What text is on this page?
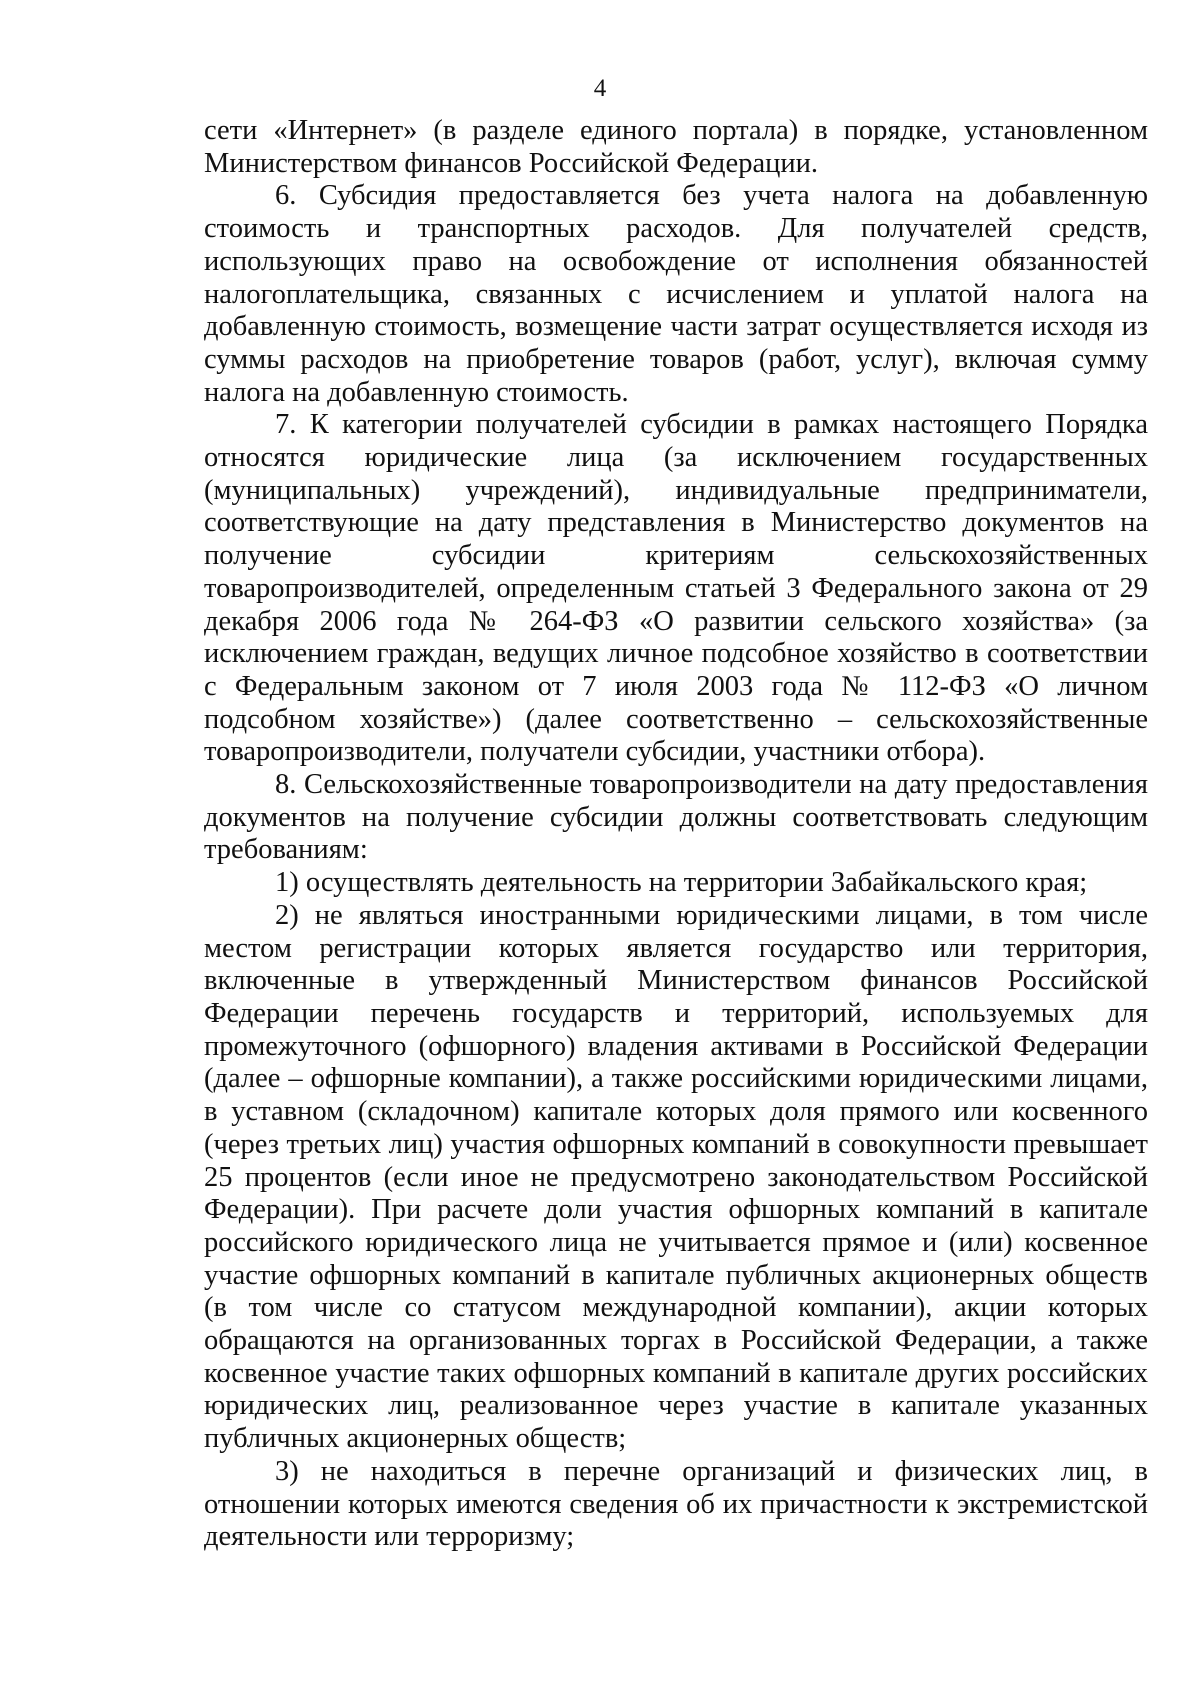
4

сети «Интернет» (в разделе единого портала) в порядке, установленном Министерством финансов Российской Федерации.

6. Субсидия предоставляется без учета налога на добавленную стоимость и транспортных расходов. Для получателей средств, использующих право на освобождение от исполнения обязанностей налогоплательщика, связанных с исчислением и уплатой налога на добавленную стоимость, возмещение части затрат осуществляется исходя из суммы расходов на приобретение товаров (работ, услуг), включая сумму налога на добавленную стоимость.

7. К категории получателей субсидии в рамках настоящего Порядка относятся юридические лица (за исключением государственных (муниципальных) учреждений), индивидуальные предприниматели, соответствующие на дату представления в Министерство документов на получение субсидии критериям сельскохозяйственных товаропроизводителей, определенным статьей 3 Федерального закона от 29 декабря 2006 года № 264-ФЗ «О развитии сельского хозяйства» (за исключением граждан, ведущих личное подсобное хозяйство в соответствии с Федеральным законом от 7 июля 2003 года № 112-ФЗ «О личном подсобном хозяйстве») (далее соответственно – сельскохозяйственные товаропроизводители, получатели субсидии, участники отбора).

8. Сельскохозяйственные товаропроизводители на дату предоставления документов на получение субсидии должны соответствовать следующим требованиям:

1) осуществлять деятельность на территории Забайкальского края;

2) не являться иностранными юридическими лицами, в том числе местом регистрации которых является государство или территория, включенные в утвержденный Министерством финансов Российской Федерации перечень государств и территорий, используемых для промежуточного (офшорного) владения активами в Российской Федерации (далее – офшорные компании), а также российскими юридическими лицами, в уставном (складочном) капитале которых доля прямого или косвенного (через третьих лиц) участия офшорных компаний в совокупности превышает 25 процентов (если иное не предусмотрено законодательством Российской Федерации). При расчете доли участия офшорных компаний в капитале российского юридического лица не учитывается прямое и (или) косвенное участие офшорных компаний в капитале публичных акционерных обществ (в том числе со статусом международной компании), акции которых обращаются на организованных торгах в Российской Федерации, а также косвенное участие таких офшорных компаний в капитале других российских юридических лиц, реализованное через участие в капитале указанных публичных акционерных обществ;

3) не находиться в перечне организаций и физических лиц, в отношении которых имеются сведения об их причастности к экстремистской деятельности или терроризму;
